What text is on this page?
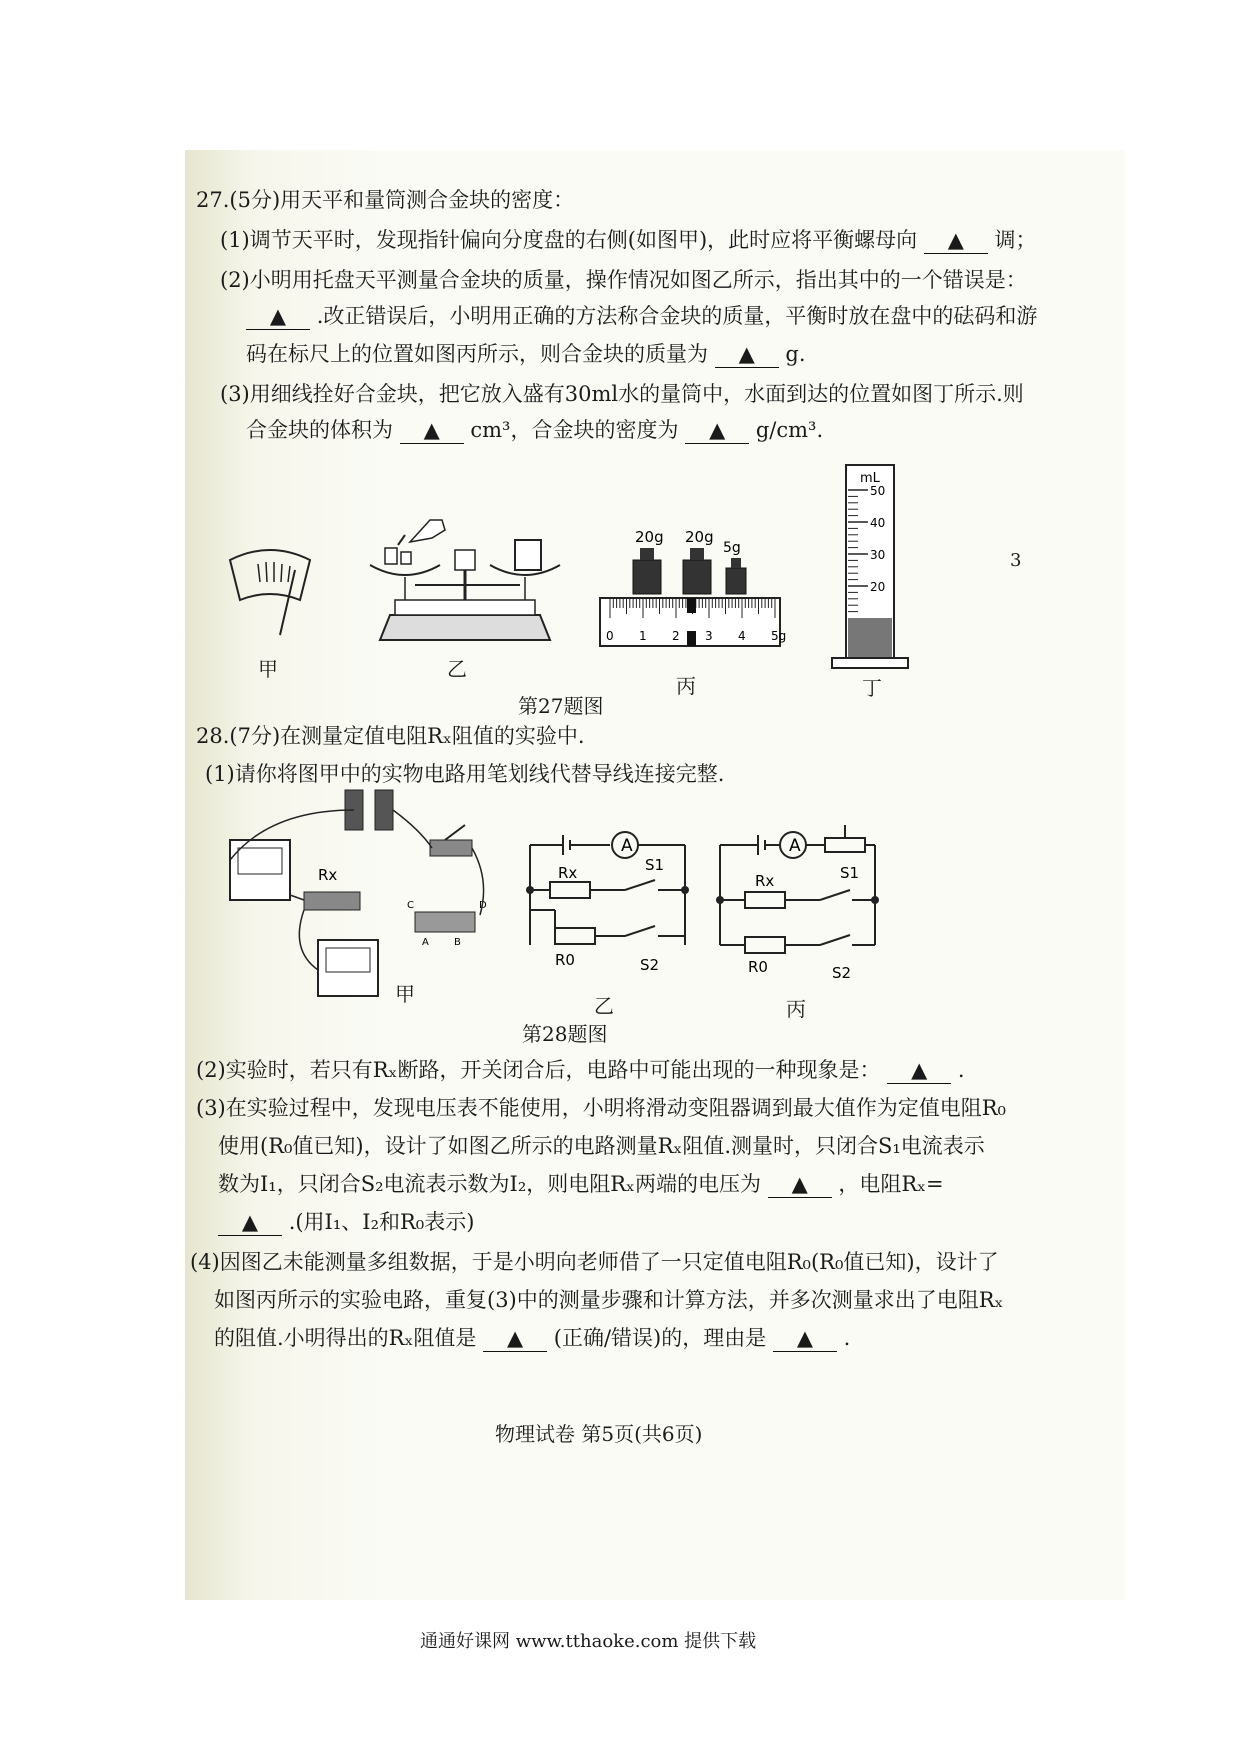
27.(5分)用天平和量筒测合金块的密度：
(1)调节天平时，发现指针偏向分度盘的右侧(如图甲)，此时应将平衡螺母向 ▲ 调；
(2)小明用托盘天平测量合金块的质量，操作情况如图乙所示，指出其中的一个错误是：
▲ .改正错误后，小明用正确的方法称合金块的质量，平衡时放在盘中的砝码和游
码在标尺上的位置如图丙所示，则合金块的质量为 ▲ g.
(3)用细线拴好合金块，把它放入盛有30ml水的量筒中，水面到达的位置如图丁所示.则
合金块的体积为 ▲ cm³，合金块的密度为 ▲ g/cm³.
20g 20g
5g
0 1 2 3 4 5g
mL
50
40
30
20
甲	乙
丙	丁
第27题图
3
28.(7分)在测量定值电阻Rₓ阻值的实验中.
(1)请你将图甲中的实物电路用笔划线代替导线连接完整.
Rx
C	D
A	B
A
Rx	S1
R0	S2
A
Rx	S1
R0	S2
甲	乙	丙
第28题图
(2)实验时，若只有Rₓ断路，开关闭合后，电路中可能出现的一种现象是： ▲ .
(3)在实验过程中，发现电压表不能使用，小明将滑动变阻器调到最大值作为定值电阻R₀
使用(R₀值已知)，设计了如图乙所示的电路测量Rₓ阻值.测量时，只闭合S₁电流表示
数为I₁，只闭合S₂电流表示数为I₂，则电阻Rₓ两端的电压为 ▲ ，电阻Rₓ=
▲ .(用I₁、I₂和R₀表示)
(4)因图乙未能测量多组数据，于是小明向老师借了一只定值电阻R₀(R₀值已知)，设计了
如图丙所示的实验电路，重复(3)中的测量步骤和计算方法，并多次测量求出了电阻Rₓ
的阻值.小明得出的Rₓ阻值是 ▲ (正确/错误)的，理由是 ▲ .
物理试卷 第5页(共6页)
通通好课网 www.tthaoke.com 提供下载
